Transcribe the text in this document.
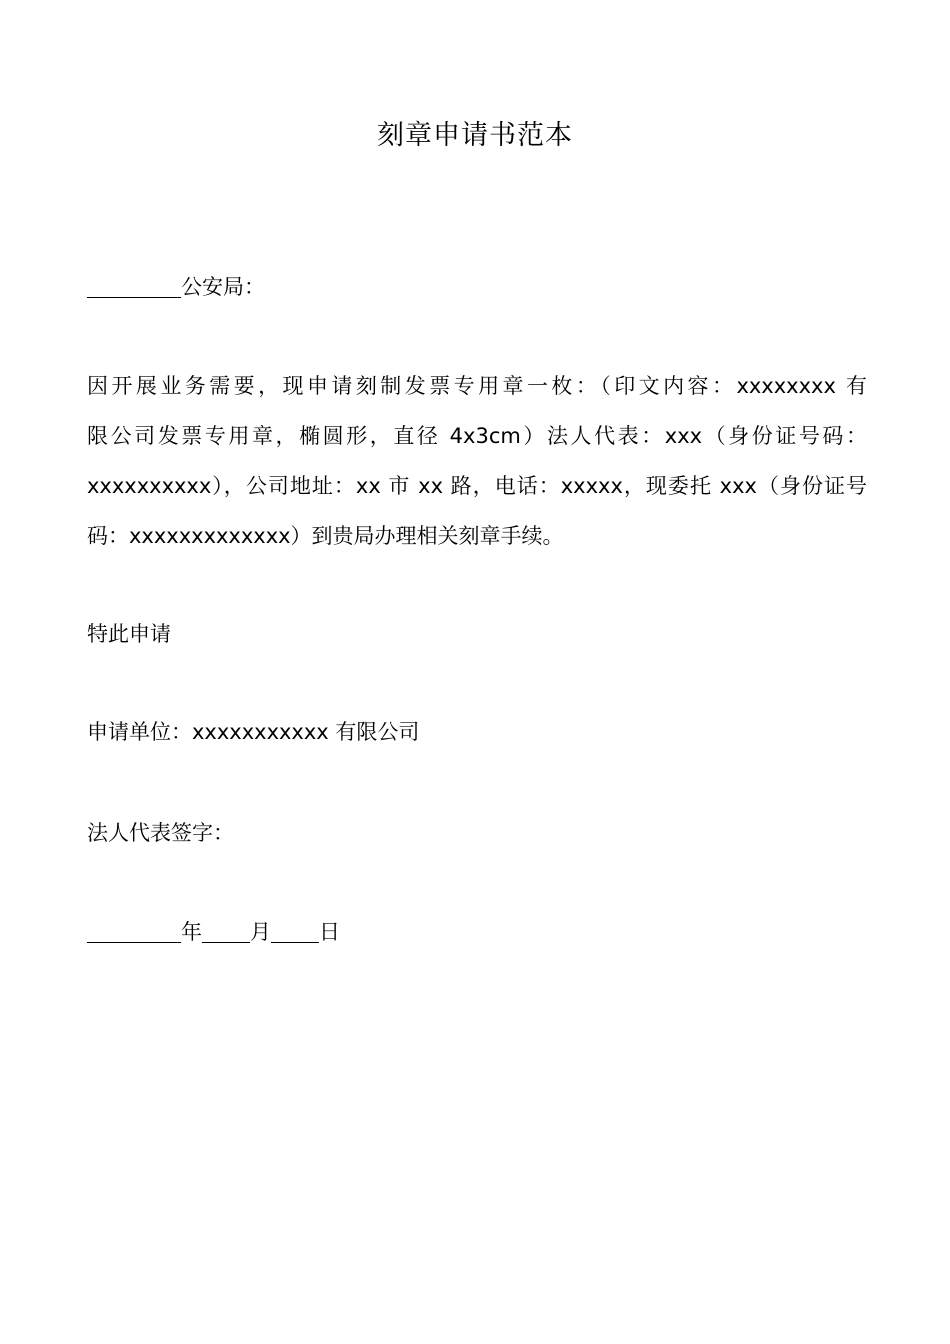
刻章申请书范本
公安局：
因开展业务需要，现申请刻制发票专用章一枚：（印文内容：xxxxxxxx 有
限公司发票专用章，椭圆形，直径 4x3cm）法人代表：xxx（身份证号码：
xxxxxxxxxx），公司地址：xx 市 xx 路，电话：xxxxx，现委托 xxx（身份证号
码：xxxxxxxxxxxxx）到贵局办理相关刻章手续。
特此申请
申请单位：xxxxxxxxxxx 有限公司
法人代表签字：
年 月 日
